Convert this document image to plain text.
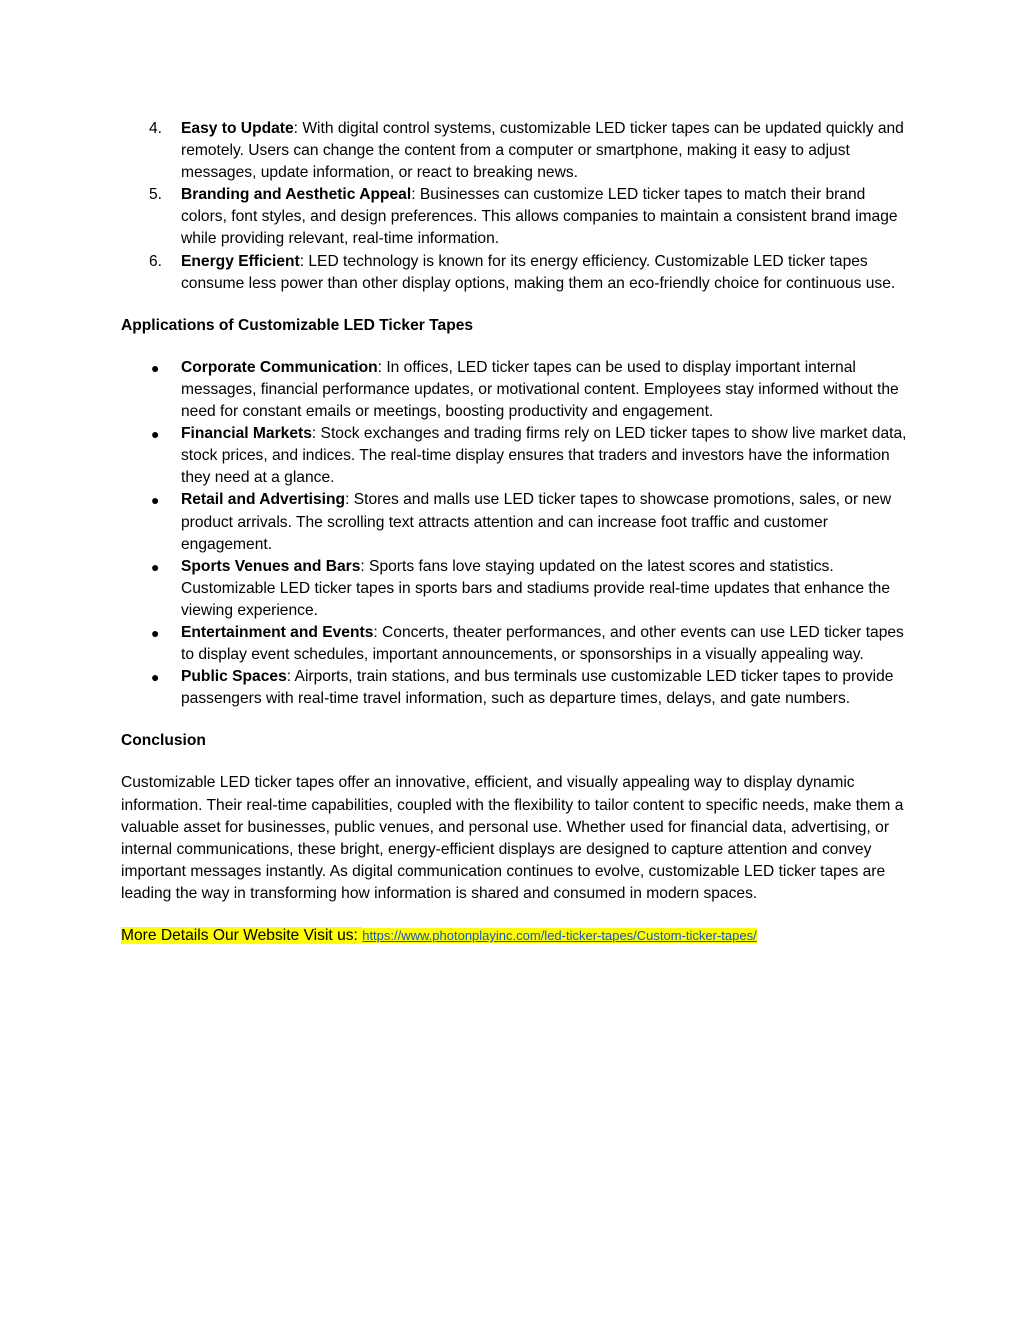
4. Easy to Update: With digital control systems, customizable LED ticker tapes can be updated quickly and remotely. Users can change the content from a computer or smartphone, making it easy to adjust messages, update information, or react to breaking news.
5. Branding and Aesthetic Appeal: Businesses can customize LED ticker tapes to match their brand colors, font styles, and design preferences. This allows companies to maintain a consistent brand image while providing relevant, real-time information.
6. Energy Efficient: LED technology is known for its energy efficiency. Customizable LED ticker tapes consume less power than other display options, making them an eco-friendly choice for continuous use.
Applications of Customizable LED Ticker Tapes
● Corporate Communication: In offices, LED ticker tapes can be used to display important internal messages, financial performance updates, or motivational content. Employees stay informed without the need for constant emails or meetings, boosting productivity and engagement.
● Financial Markets: Stock exchanges and trading firms rely on LED ticker tapes to show live market data, stock prices, and indices. The real-time display ensures that traders and investors have the information they need at a glance.
● Retail and Advertising: Stores and malls use LED ticker tapes to showcase promotions, sales, or new product arrivals. The scrolling text attracts attention and can increase foot traffic and customer engagement.
● Sports Venues and Bars: Sports fans love staying updated on the latest scores and statistics. Customizable LED ticker tapes in sports bars and stadiums provide real-time updates that enhance the viewing experience.
● Entertainment and Events: Concerts, theater performances, and other events can use LED ticker tapes to display event schedules, important announcements, or sponsorships in a visually appealing way.
● Public Spaces: Airports, train stations, and bus terminals use customizable LED ticker tapes to provide passengers with real-time travel information, such as departure times, delays, and gate numbers.
Conclusion

Customizable LED ticker tapes offer an innovative, efficient, and visually appealing way to display dynamic information. Their real-time capabilities, coupled with the flexibility to tailor content to specific needs, make them a valuable asset for businesses, public venues, and personal use. Whether used for financial data, advertising, or internal communications, these bright, energy-efficient displays are designed to capture attention and convey important messages instantly. As digital communication continues to evolve, customizable LED ticker tapes are leading the way in transforming how information is shared and consumed in modern spaces.

More Details Our Website Visit us: https://www.photonplayinc.com/led-ticker-tapes/Custom-ticker-tapes/
